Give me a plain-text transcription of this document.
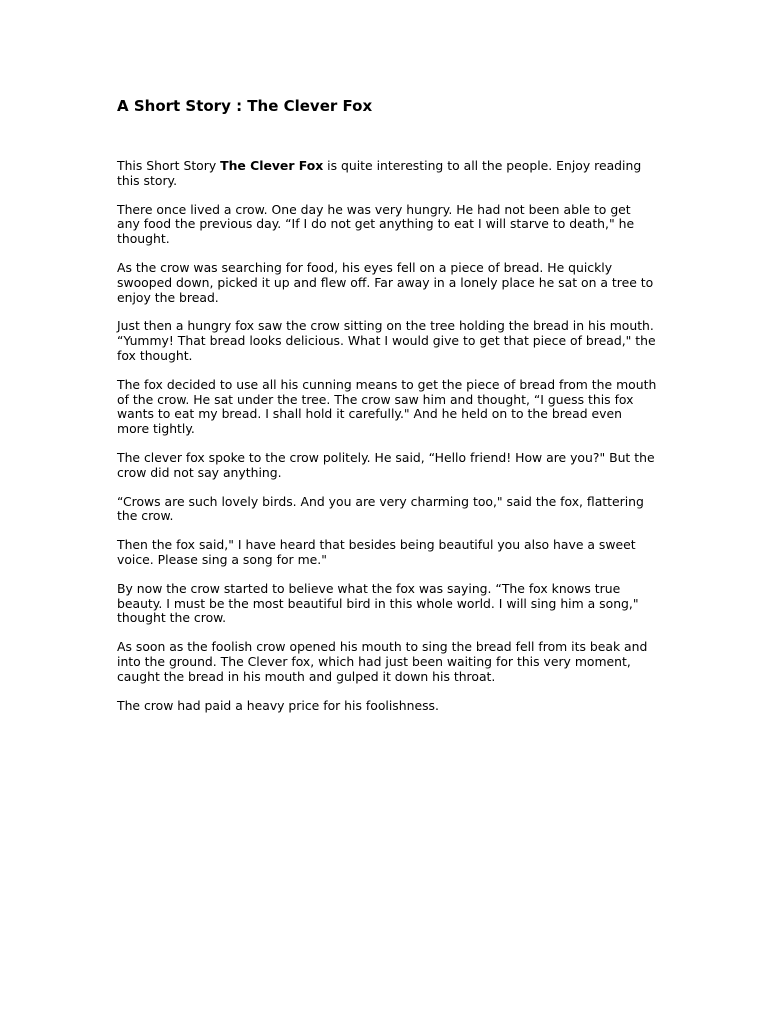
A Short Story : The Clever Fox

This Short Story The Clever Fox is quite interesting to all the people. Enjoy reading this story.

There once lived a crow. One day he was very hungry. He had not been able to get any food the previous day. “If I do not get anything to eat I will starve to death," he thought.

As the crow was searching for food, his eyes fell on a piece of bread. He quickly swooped down, picked it up and flew off. Far away in a lonely place he sat on a tree to enjoy the bread.

Just then a hungry fox saw the crow sitting on the tree holding the bread in his mouth. “Yummy! That bread looks delicious. What I would give to get that piece of bread," the fox thought.

The fox decided to use all his cunning means to get the piece of bread from the mouth of the crow. He sat under the tree. The crow saw him and thought, “I guess this fox wants to eat my bread. I shall hold it carefully." And he held on to the bread even more tightly.

The clever fox spoke to the crow politely. He said, “Hello friend! How are you?" But the crow did not say anything.

“Crows are such lovely birds. And you are very charming too," said the fox, flattering the crow.

Then the fox said," I have heard that besides being beautiful you also have a sweet voice. Please sing a song for me."

By now the crow started to believe what the fox was saying. “The fox knows true beauty. I must be the most beautiful bird in this whole world. I will sing him a song," thought the crow.

As soon as the foolish crow opened his mouth to sing the bread fell from its beak and into the ground. The Clever fox, which had just been waiting for this very moment, caught the bread in his mouth and gulped it down his throat.

The crow had paid a heavy price for his foolishness.
